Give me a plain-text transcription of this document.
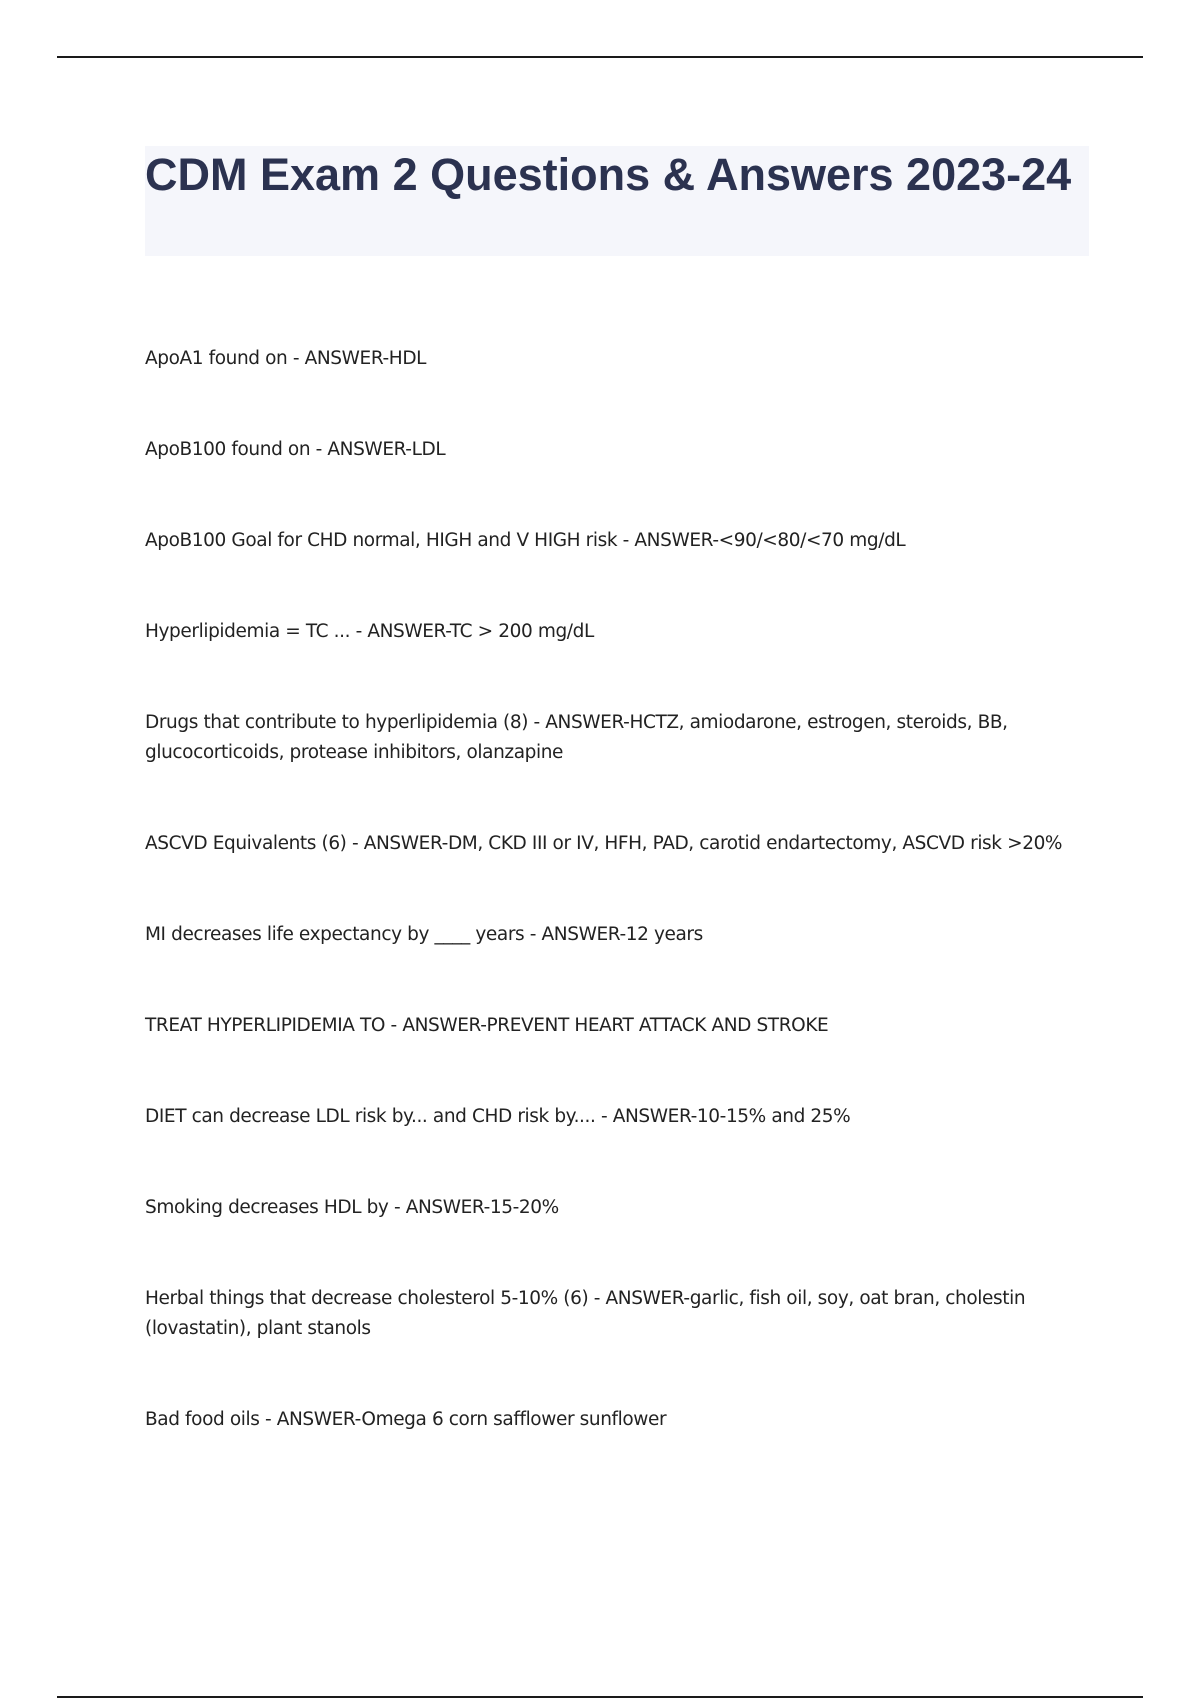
CDM Exam 2 Questions & Answers 2023-24
ApoA1 found on - ANSWER-HDL
ApoB100 found on - ANSWER-LDL
ApoB100 Goal for CHD normal, HIGH and V HIGH risk - ANSWER-<90/<80/<70 mg/dL
Hyperlipidemia = TC ... - ANSWER-TC > 200 mg/dL
Drugs that contribute to hyperlipidemia (8) - ANSWER-HCTZ, amiodarone, estrogen, steroids, BB, glucocorticoids, protease inhibitors, olanzapine
ASCVD Equivalents (6) - ANSWER-DM, CKD III or IV, HFH, PAD, carotid endartectomy, ASCVD risk >20%
MI decreases life expectancy by ____ years - ANSWER-12 years
TREAT HYPERLIPIDEMIA TO - ANSWER-PREVENT HEART ATTACK AND STROKE
DIET can decrease LDL risk by... and CHD risk by.... - ANSWER-10-15% and 25%
Smoking decreases HDL by - ANSWER-15-20%
Herbal things that decrease cholesterol 5-10% (6) - ANSWER-garlic, fish oil, soy, oat bran, cholestin (lovastatin), plant stanols
Bad food oils - ANSWER-Omega 6 corn safflower sunflower
